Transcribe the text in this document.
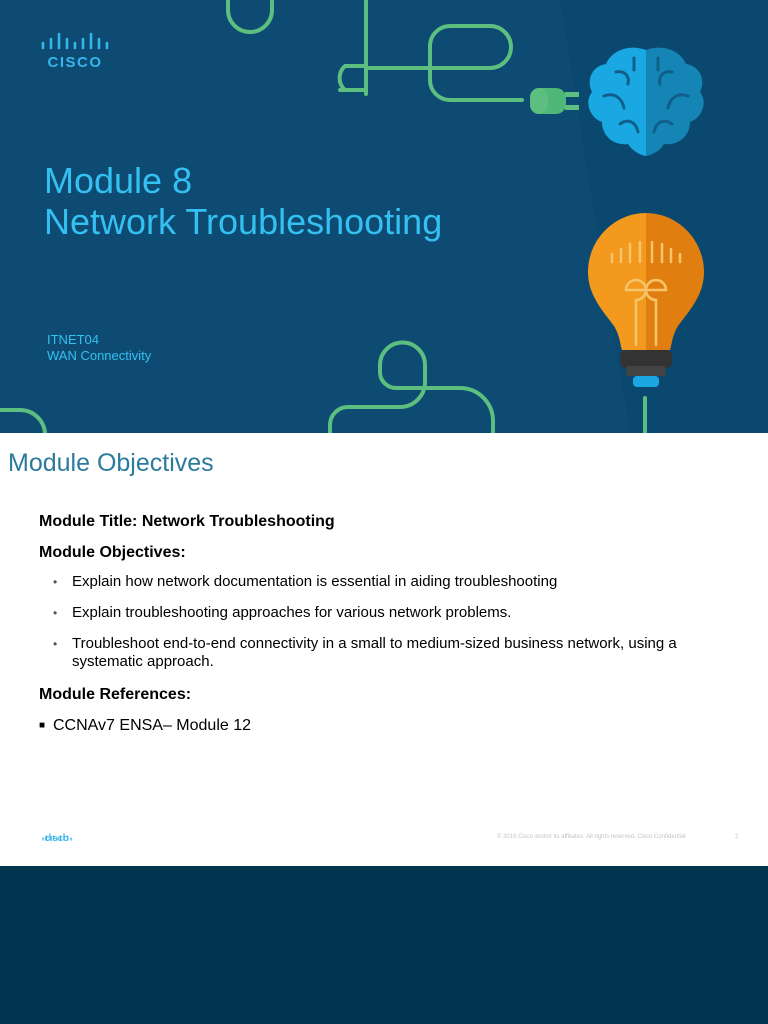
CISCO
Module 8
Network Troubleshooting
ITNET04
WAN Connectivity
Module Objectives
Module Title: Network Troubleshooting
Module Objectives:
• Explain how network documentation is essential in aiding troubleshooting
• Explain troubleshooting approaches for various network problems.
• Troubleshoot end-to-end connectivity in a small to medium-sized business network, using a systematic approach.
Module References:
■ CCNAv7 ENSA– Module 12
CISCO	© 2016 Cisco and/or its affiliates. All rights reserved. Cisco Confidential	2
